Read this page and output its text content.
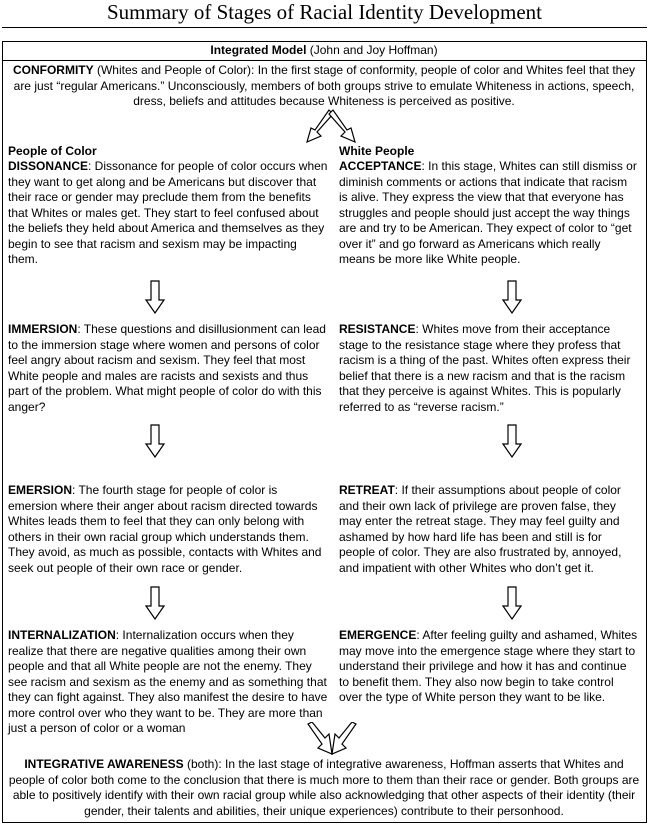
Summary of Stages of Racial Identity Development
Integrated Model (John and Joy Hoffman)
CONFORMITY (Whites and People of Color): In the first stage of conformity, people of color and Whites feel that they are just “regular Americans.” Unconsciously, members of both groups strive to emulate Whiteness in actions, speech, dress, beliefs and attitudes because Whiteness is perceived as positive.
People of Color	White People
DISSONANCE: Dissonance for people of color occurs when they want to get along and be Americans but discover that their race or gender may preclude them from the benefits that Whites or males get. They start to feel confused about the beliefs they held about America and themselves as they begin to see that racism and sexism may be impacting them.
IMMERSION: These questions and disillusionment can lead to the immersion stage where women and persons of color feel angry about racism and sexism. They feel that most White people and males are racists and sexists and thus part of the problem. What might people of color do with this anger?
EMERSION: The fourth stage for people of color is emersion where their anger about racism directed towards Whites leads them to feel that they can only belong with others in their own racial group which understands them. They avoid, as much as possible, contacts with Whites and seek out people of their own race or gender.
INTERNALIZATION: Internalization occurs when they realize that there are negative qualities among their own people and that all White people are not the enemy. They see racism and sexism as the enemy and as something that they can fight against. They also manifest the desire to have more control over who they want to be. They are more than just a person of color or a woman
ACCEPTANCE: In this stage, Whites can still dismiss or diminish comments or actions that indicate that racism is alive. They express the view that that everyone has struggles and people should just accept the way things are and try to be American. They expect of color to “get over it” and go forward as Americans which really means be more like White people.
RESISTANCE: Whites move from their acceptance stage to the resistance stage where they profess that racism is a thing of the past. Whites often express their belief that there is a new racism and that is the racism that they perceive is against Whites. This is popularly referred to as “reverse racism.”
RETREAT: If their assumptions about people of color and their own lack of privilege are proven false, they may enter the retreat stage. They may feel guilty and ashamed by how hard life has been and still is for people of color. They are also frustrated by, annoyed, and impatient with other Whites who don’t get it.
EMERGENCE: After feeling guilty and ashamed, Whites may move into the emergence stage where they start to understand their privilege and how it has and continue to benefit them. They also now begin to take control over the type of White person they want to be like.
INTEGRATIVE AWARENESS (both): In the last stage of integrative awareness, Hoffman asserts that Whites and people of color both come to the conclusion that there is much more to them than their race or gender. Both groups are able to positively identify with their own racial group while also acknowledging that other aspects of their identity (their gender, their talents and abilities, their unique experiences) contribute to their personhood.
